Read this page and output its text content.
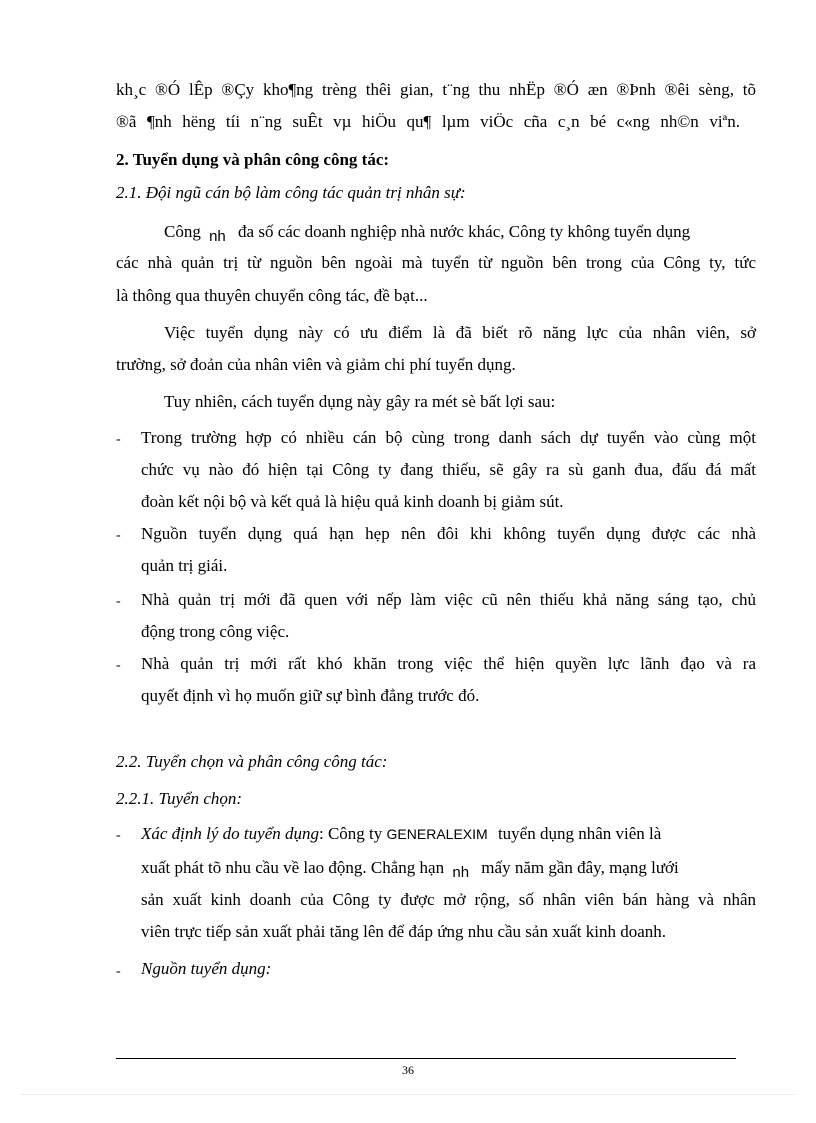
kh¸c ®Ó lÊp ®Çy kho¶ng trèng thêi gian, t¨ng thu nhËp ®Ó æn ®Þnh ®êi sèng, tõ
®ã ¶nh hëng tíi n¨ng suÊt vµ hiÖu qu¶ lµm viÖc cña c¸n bé c«ng nh©n viªn.
2. Tuyển dụng và phân công công tác:
2.1. Đội ngũ cán bộ làm công tác quản trị nhân sự:
Công nh đa số các doanh nghiệp nhà nước khác, Công ty không tuyển dụng
các nhà quản trị từ nguồn bên ngoài mà tuyển từ nguồn bên trong của Công ty, tức
là thông qua thuyên chuyển công tác, đề bạt...
Việc tuyển dụng này có ưu điểm là đã biết rõ năng lực của nhân viên, sở
trường, sở đoản của nhân viên và giảm chi phí tuyển dụng.
Tuy nhiên, cách tuyển dụng này gây ra mét sè bất lợi sau:
- Trong trường hợp có nhiều cán bộ cùng trong danh sách dự tuyển vào cùng một
chức vụ nào đó hiện tại Công ty đang thiếu, sẽ gây ra sù ganh đua, đấu đá mất
đoàn kết nội bộ và kết quả là hiệu quả kinh doanh bị giảm sút.
- Nguồn tuyển dụng quá hạn hẹp nên đôi khi không tuyển dụng được các nhà
quản trị giái.
- Nhà quản trị mới đã quen với nếp làm việc cũ nên thiếu khả năng sáng tạo, chủ
động trong công việc.
- Nhà quản trị mới rất khó khăn trong việc thể hiện quyền lực lãnh đạo và ra
quyết định vì họ muốn giữ sự bình đẳng trước đó.
2.2. Tuyển chọn và phân công công tác:
2.2.1. Tuyển chọn:
- Xác định lý do tuyển dụng: Công ty GENERALEXIM tuyển dụng nhân viên là
xuất phát tõ nhu cầu về lao động. Chẳng hạn nh mấy năm gần đây, mạng lưới
sản xuất kinh doanh của Công ty được mở rộng, số nhân viên bán hàng và nhân
viên trực tiếp sản xuất phải tăng lên để đáp ứng nhu cầu sản xuất kinh doanh.
- Nguồn tuyển dụng:
36
